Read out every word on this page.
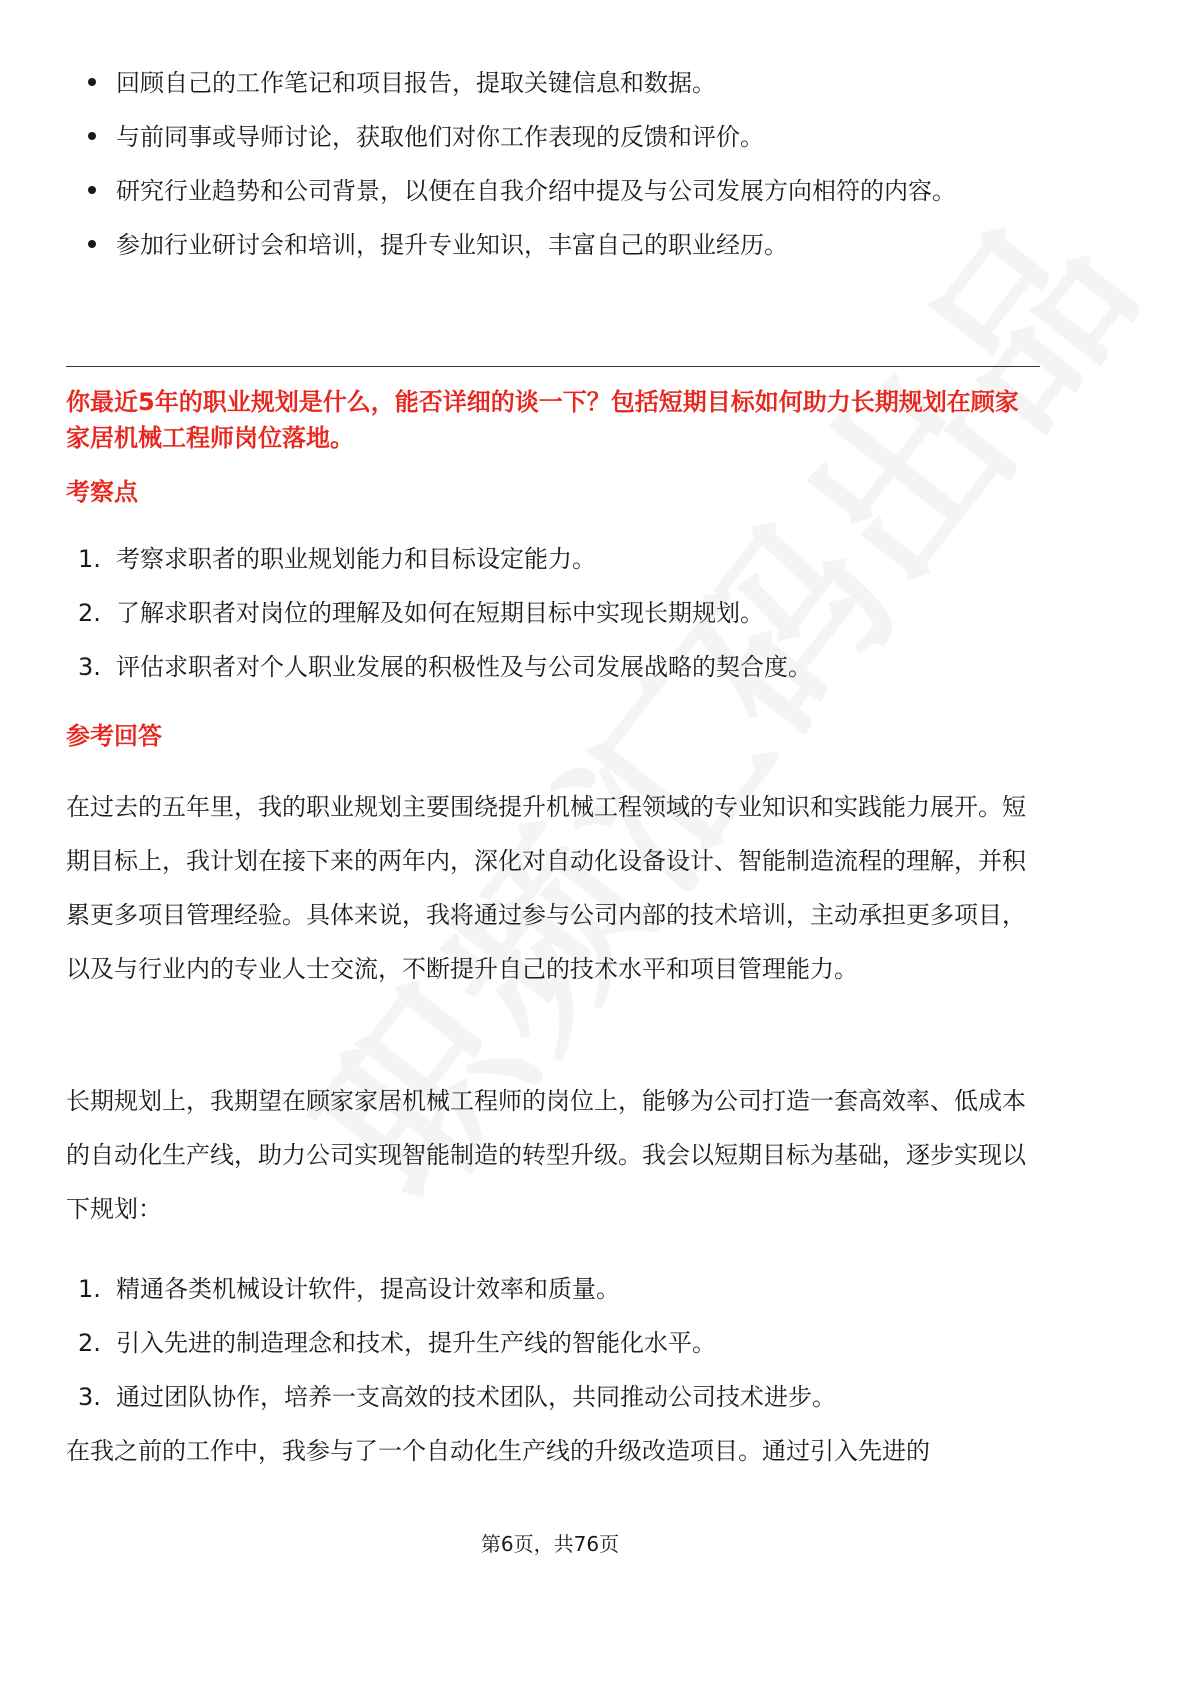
回顾自己的工作笔记和项目报告，提取关键信息和数据。
与前同事或导师讨论，获取他们对你工作表现的反馈和评价。
研究行业趋势和公司背景，以便在自我介绍中提及与公司发展方向相符的内容。
参加行业研讨会和培训，提升专业知识，丰富自己的职业经历。
你最近5年的职业规划是什么，能否详细的谈一下？包括短期目标如何助力长期规划在顾家家居机械工程师岗位落地。
考察点
1. 考察求职者的职业规划能力和目标设定能力。
2. 了解求职者对岗位的理解及如何在短期目标中实现长期规划。
3. 评估求职者对个人职业发展的积极性及与公司发展战略的契合度。
参考回答

在过去的五年里，我的职业规划主要围绕提升机械工程领域的专业知识和实践能力展开。短期目标上，我计划在接下来的两年内，深化对自动化设备设计、智能制造流程的理解，并积累更多项目管理经验。具体来说，我将通过参与公司内部的技术培训，主动承担更多项目，以及与行业内的专业人士交流，不断提升自己的技术水平和项目管理能力。

长期规划上，我期望在顾家家居机械工程师的岗位上，能够为公司打造一套高效率、低成本的自动化生产线，助力公司实现智能制造的转型升级。我会以短期目标为基础，逐步实现以下规划：

1. 精通各类机械设计软件，提高设计效率和质量。
2. 引入先进的制造理念和技术，提升生产线的智能化水平。
3. 通过团队协作，培养一支高效的技术团队，共同推动公司技术进步。

在我之前的工作中，我参与了一个自动化生产线的升级改造项目。通过引入先进的

第6页，共76页
